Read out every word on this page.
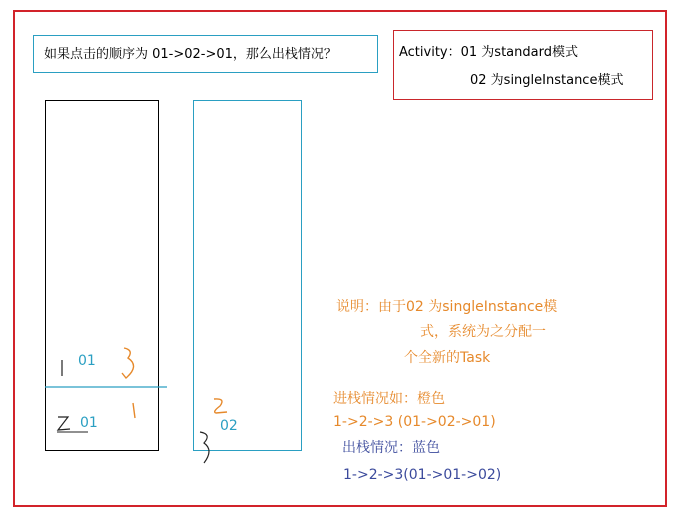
如果点击的顺序为 01->02->01，那么出栈情况？	Activity：01 为standard模式
02 为singleInstance模式
01
01	02
说明：由于02 为singleInstance模
式，系统为之分配一
个全新的Task
进栈情况如：橙色
1->2->3 (01->02->01)
出栈情况：蓝色
1->2->3(01->01->02)
